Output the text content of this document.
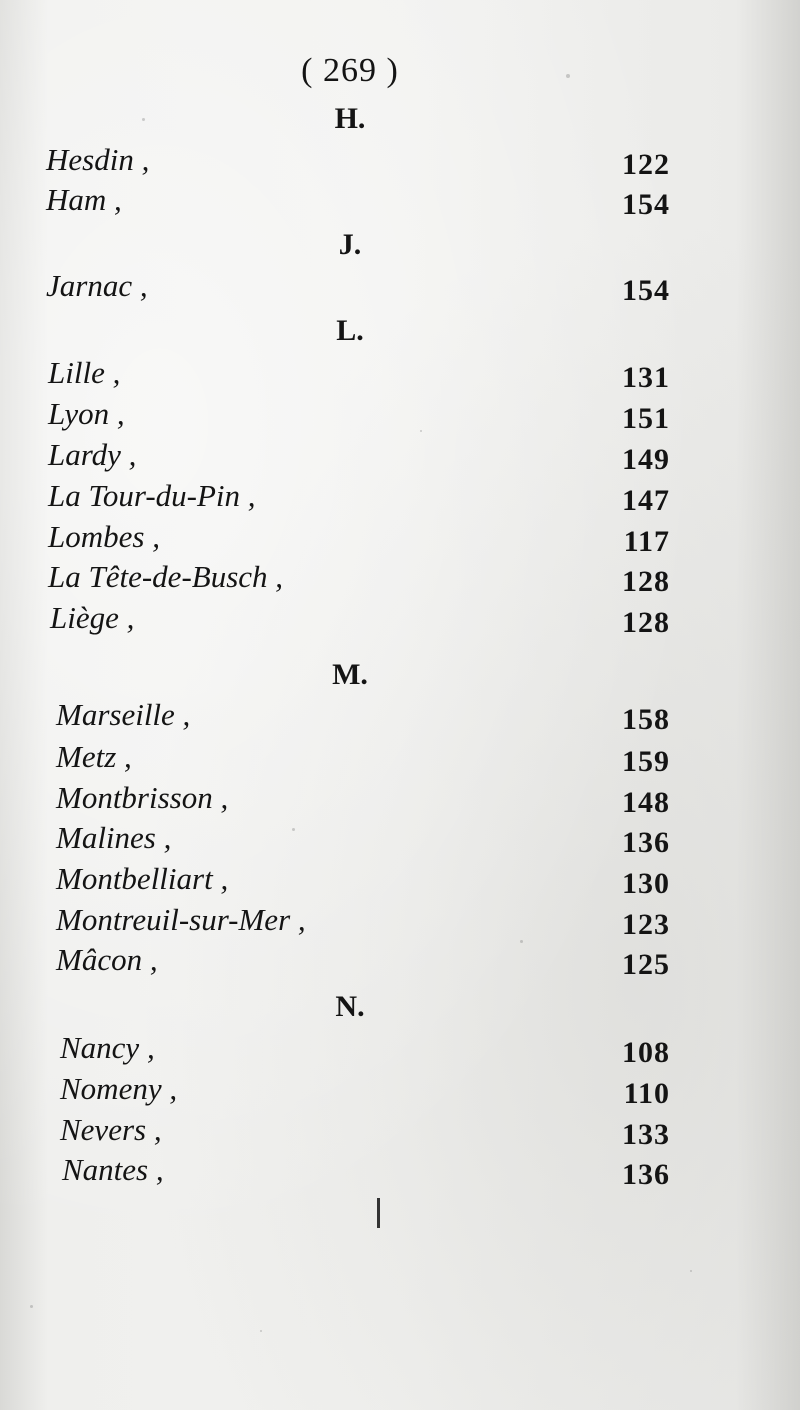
( 269 )
H.
Hesdin ,	122
Ham ,	154
J.
Jarnac ,	154
L.
Lille ,	131
Lyon ,	151
Lardy ,	149
La Tour-du-Pin ,	147
Lombes ,	117
La Tête-de-Busch ,	128
Liège ,	128
M.
Marseille ,	158
Metz ,	159
Montbrisson ,	148
Malines ,	136
Montbelliart ,	130
Montreuil-sur-Mer ,	123
Mâcon ,	125
N.
Nancy ,	108
Nomeny ,	110
Nevers ,	133
Nantes ,	136
